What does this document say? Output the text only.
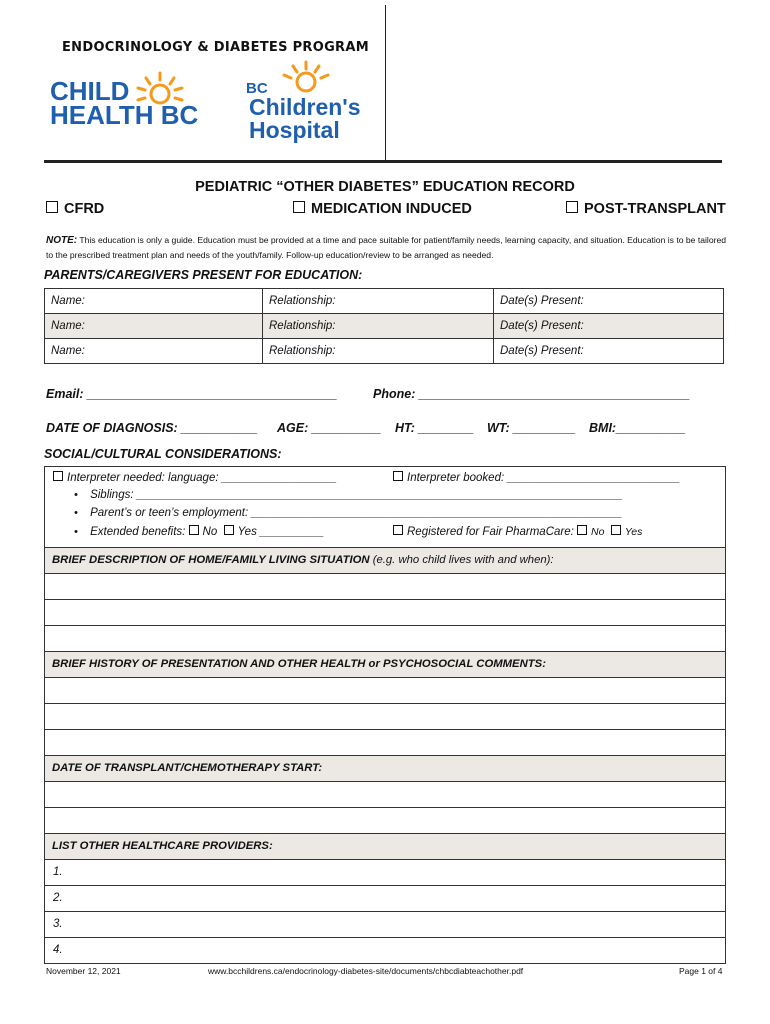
ENDOCRINOLOGY & DIABETES PROGRAM
CHILD
HEALTH BC
BC
Children's
Hospital
PEDIATRIC “OTHER DIABETES” EDUCATION RECORD
CFRD	MEDICATION INDUCED	POST-TRANSPLANT
NOTE: This education is only a guide. Education must be provided at a time and pace suitable for patient/family needs, learning capacity, and situation. Education is to be tailored to the prescribed treatment plan and needs of the youth/family. Follow-up education/review to be arranged as needed.
PARENTS/CAREGIVERS PRESENT FOR EDUCATION:
Name:	Relationship:	Date(s) Present:
Name:	Relationship:	Date(s) Present:
Name:	Relationship:	Date(s) Present:
Email: ____________________________________	Phone: _______________________________________
DATE OF DIAGNOSIS: ___________ AGE: __________ HT: ________ WT: _________ BMI:__________
SOCIAL/CULTURAL CONSIDERATIONS:
Interpreter needed: language: __________________	Interpreter booked: ___________________________
•    Siblings: ____________________________________________________________________________
•    Parent’s or teen’s employment: __________________________________________________________
•    Extended benefits: No Yes __________	Registered for Fair PharmaCare: No Yes
BRIEF DESCRIPTION OF HOME/FAMILY LIVING SITUATION (e.g. who child lives with and when):
BRIEF HISTORY OF PRESENTATION AND OTHER HEALTH or PSYCHOSOCIAL COMMENTS:
DATE OF TRANSPLANT/CHEMOTHERAPY START:
LIST OTHER HEALTHCARE PROVIDERS:
1.
2.
3.
4.
November 12, 2021	www.bcchildrens.ca/endocrinology-diabetes-site/documents/chbcdiabteachother.pdf	Page 1 of 4
